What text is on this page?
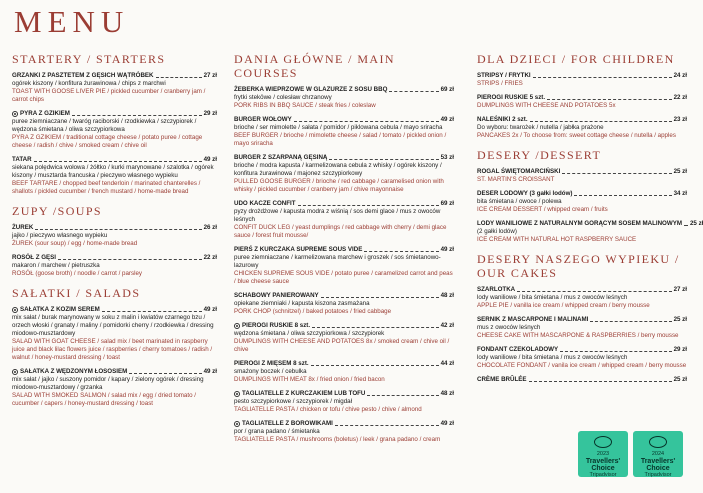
MENU
STARTERY / STARTERS
GRZANKI Z PASZTETEM Z GĘSICH WĄTRÓBEK	27 zł
ogórek kiszony / konfitura żurawinowa / chips z marchwi
TOAST WITH GOOSE LIVER PIE / pickled cucumber / cranberry jam / carrot chips
PYRA Z GZIKIEM	29 zł
puree ziemniaczane / twaróg raciborski / rzodkiewka / szczypiorek / wędzona śmietana / oliwa szczypiorkowa
PYRA Z GZIKIEM / traditional cottage cheese / potato puree / cottage cheese / radish / chive / smoked cream / chive oil
TATAR	49 zł
siekana polędwica wołowa / żółtko / kurki marynowane / szalotka / ogórek kiszony / musztarda francuska / pieczywo własnego wypieku
BEEF TARTARE / chopped beef tenderloin / marinated chanterelles / shallots / pickled cucumber / french mustard / home-made bread
ZUPY /SOUPS
ŻUREK	26 zł
jajko / pieczywo własnego wypieku
ŻUREK (sour soup) / egg / home-made bread
ROSÓŁ Z GĘSI	22 zł
makaron / marchew / pietruszka
ROSÓŁ (goose broth) / noodle / carrot / parsley
SAŁATKI / SALADS
SAŁATKA Z KOZIM SEREM	49 zł
mix sałat / burak marynowany w soku z malin i kwiatów czarnego bzu / orzech włoski / granaty / maliny / pomidorki cherry / rzodkiewka / dressing miodowo-musztardowy
SALAD WITH GOAT CHEESE / salad mix / beet marinated in raspberry juice and black lilac flowers juice / raspberries / cherry tomatoes / radish / walnut / honey-mustard dressing / toast
SAŁATKA Z WĘDZONYM ŁOSOSIEM	49 zł
mix sałat / jajko / suszony pomidor / kapary / zielony ogórek / dressing miodowo-musztardowy / grzanka
SALAD WITH SMOKED SALMON / salad mix / egg / dried tomato / cucumber / capers / honey-mustard dressing / toast
DANIA GŁÓWNE / MAIN COURSES
ŻEBERKA WIEPRZOWE W GLAZURZE Z SOSU BBQ	69 zł
frytki steköwe / colesław chrzanowy
PORK RIBS IN BBQ SAUCE / steak fries / coleslaw
BURGER WOŁOWY	49 zł
brioche / ser mimolette / sałata / pomidor / piklowana cebula / mayo sriracha
BEEF BURGER / brioche / mimolette cheese / salad / tomato / pickled onion / mayo sriracha
BURGER Z SZARPANĄ GĘSINĄ	53 zł
brioche / modra kapusta / karmelizowana cebula z whisky / ogórek kiszony / konfitura żurawinowa / majonez szczypiorkowy
PULLED GOOSE BURGER / brioche / red cabbage / caramelised onion with whisky / pickled cucumber / cranberry jam / chive mayonnaise
UDO KACZE CONFIT	69 zł
pyzy drożdżowe / kapusta modra z wiśnią / sos demi glace / mus z owoców leśnych
CONFIT DUCK LEG / yeast dumplings / red cabbage with cherry / demi glace sauce / forest fruit mousse/
PIERŚ Z KURCZAKA SUPREME SOUS VIDE	49 zł
puree ziemniaczane / karmelizowana marchew i groszek / sos śmietanowo-lazurowy
CHICKEN SUPREME SOUS VIDE / potato puree / caramelized carrot and peas / blue cheese sauce
SCHABOWY PANIEROWANY	48 zł
opiekane ziemniaki / kapusta kiszona zasmażana
PORK CHOP (schnitzel) / baked potatoes / fried cabbage
PIEROGI RUSKIE 8 szt.	42 zł
wędzona śmietana / oliwa szczypiorkowa / szczypiorek
DUMPLINGS WITH CHEESE AND POTATOES 8x / smoked cream / chive oil / chive
PIEROGI Z MIĘSEM 8 szt.	44 zł
smażony boczek / cebulka
DUMPLINGS WITH MEAT 8x / fried onion / fried bacon
TAGLIATELLE Z KURCZAKIEM LUB TOFU	48 zł
pesto szczypiorkowe / szczypiorek / migdał
TAGLIATELLE PASTA / chicken or tofu / chive pesto / chive / almond
TAGLIATELLE Z BOROWIKAMI	49 zł
por / grana padano / śmietanka
TAGLIATELLE PASTA / mushrooms (boletus) / leek / grana padano / cream
DLA DZIECI / FOR CHILDREN
STRIPSY / FRYTKI	24 zł
STRIPS / FRIES
PIEROGI RUSKIE 5 szt.	22 zł
DUMPLINGS WITH CHEESE AND POTATOES 5x
NALEŚNIKI 2 szt.	23 zł
Do wyboru: twarożek / nutella / jabłka prażone
PANCAKES 2x / To choose from: sweet cottage cheese / nutella / apples
DESERY /DESSERT
ROGAL ŚWIĘTOMARCIŃSKI	25 zł
ST. MARTIN'S CROISSANT
DESER LODOWY (3 gałki lodów)	34 zł
bita śmietana / owoce / polewa
ICE CREAM DESSERT / whipped cream / fruits
LODY WANILIOWE Z NATURALNYM GORĄCYM SOSEM MALINOWYM 25 zł
(2 gałki lodów)
ICE CREAM WITH NATURAL HOT RASPBERRY SAUCE
DESERY NASZEGO WYPIEKU / OUR CAKES
SZARLOTKA	27 zł
lody waniliowe / bita śmietana / mus z owoców leśnych
APPLE PIE / vanilla ice cream / whipped cream / berry mousse
SERNIK Z MASCARPONE I MALINAMI	25 zł
mus z owoców leśnych
CHEESE CAKE WITH MASCARPONE & RASPBERRIES / berry mousse
FONDANT CZEKOLADOWY	29 zł
lody waniliowe / bita śmietana / mus z owoców leśnych
CHOCOLATE FONDANT / vanila ice cream / whipped cream / berry mousse
CRÈME BRÛLÉE	25 zł
2023
Travellers'
Choice
Tripadvisor
2024
Travellers'
Choice
Tripadvisor
